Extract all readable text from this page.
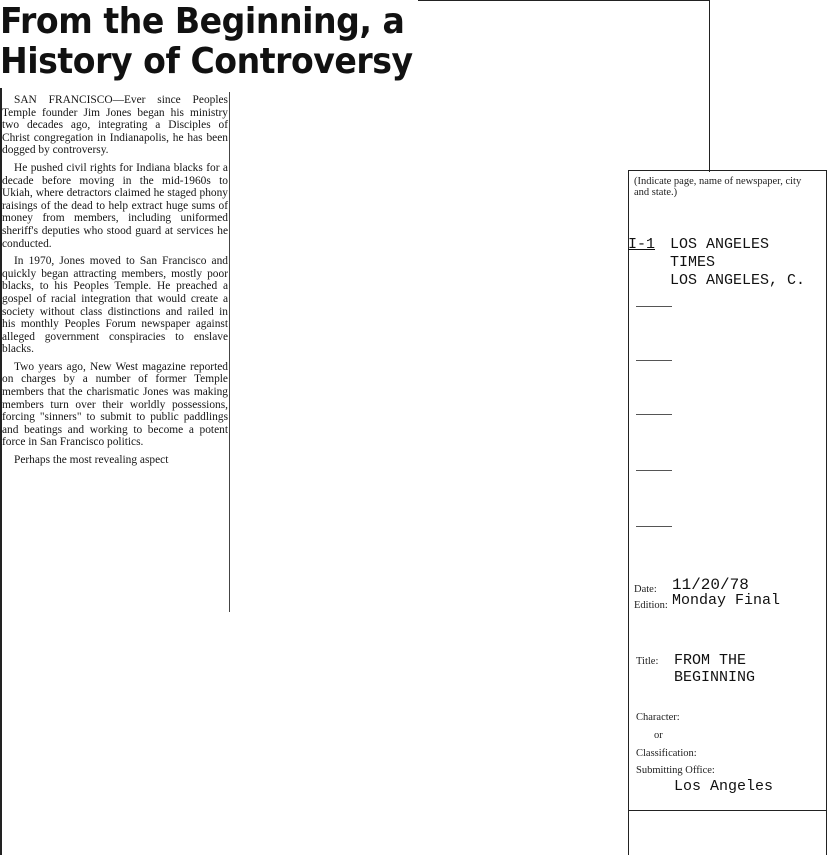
From the Beginning, a
History of Controversy

SAN FRANCISCO—Ever since Peoples Temple founder Jim Jones began his ministry two decades ago, integrating a Disciples of Christ congregation in Indianapolis, he has been dogged by controversy.

He pushed civil rights for Indiana blacks for a decade before moving in the mid-1960s to Ukiah, where detractors claimed he staged phony raisings of the dead to help extract huge sums of money from members, including uniformed sheriff's deputies who stood guard at services he conducted.

In 1970, Jones moved to San Francisco and quickly began attracting members, mostly poor blacks, to his Peoples Temple. He preached a gospel of racial integration that would create a society without class distinctions and railed in his monthly Peoples Forum newspaper against alleged government conspiracies to enslave blacks.

Two years ago, New West magazine reported on charges by a number of former Temple members that the charismatic Jones was making members turn over their worldly possessions, forcing "sinners" to submit to public paddlings and beatings and working to become a potent force in San Francisco politics.

Perhaps the most revealing aspect

(Indicate page, name of newspaper, city and state.)
I-1 LOS ANGELES
TIMES
LOS ANGELES, C.
Date: 11/20/78
Edition: Monday Final
Title: FROM THE
BEGINNING
Character:
or
Classification:
Submitting Office:
Los Angeles
